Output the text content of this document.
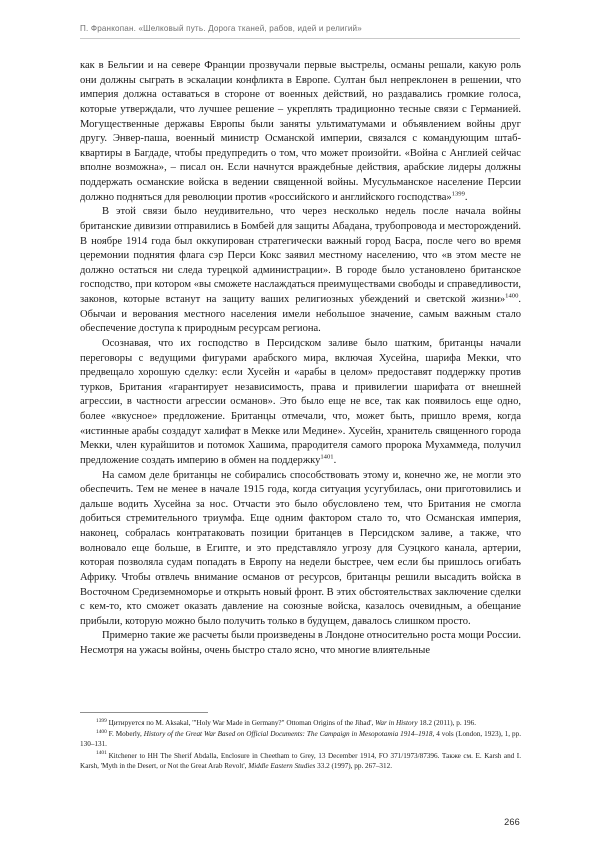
П. Франкопан. «Шелковый путь. Дорога тканей, рабов, идей и религий»

как в Бельгии и на севере Франции прозвучали первые выстрелы, османы решали, какую роль они должны сыграть в эскалации конфликта в Европе. Султан был непреклонен в решении, что империя должна оставаться в стороне от военных действий, но раздавались громкие голоса, которые утверждали, что лучшее решение – укреплять традиционно тесные связи с Германией. Могущественные державы Европы были заняты ультиматумами и объявлением войны друг другу. Энвер-паша, военный министр Османской империи, связался с командующим штаб-квартиры в Багдаде, чтобы предупредить о том, что может произойти. «Война с Англией сейчас вполне возможна», – писал он. Если начнутся враждебные действия, арабские лидеры должны поддержать османские войска в ведении священной войны. Мусульманское население Персии должно подняться для революции против «российского и английского господства»$^{1399}$.

В этой связи было неудивительно, что через несколько недель после начала войны британские дивизии отправились в Бомбей для защиты Абадана, трубопровода и месторождений. В ноябре 1914 года был оккупирован стратегически важный город Басра, после чего во время церемонии поднятия флага сэр Перси Кокс заявил местному населению, что «в этом месте не должно остаться ни следа турецкой администрации». В городе было установлено британское господство, при котором «вы сможете наслаждаться преимуществами свободы и справедливости, законов, которые встанут на защиту ваших религиозных убеждений и светской жизни»$^{1400}$. Обычаи и верования местного населения имели небольшое значение, самым важным стало обеспечение доступа к природным ресурсам региона.

Осознавая, что их господство в Персидском заливе было шатким, британцы начали переговоры с ведущими фигурами арабского мира, включая Хусейна, шарифа Мекки, что предвещало хорошую сделку: если Хусейн и «арабы в целом» предоставят поддержку против турков, Британия «гарантирует независимость, права и привилегии шарифата от внешней агрессии, в частности агрессии османов». Это было еще не все, так как появилось еще одно, более «вкусное» предложение. Британцы отмечали, что, может быть, пришло время, когда «истинные арабы создадут халифат в Мекке или Медине». Хусейн, хранитель священного города Мекки, член курайшитов и потомок Хашима, прародителя самого пророка Мухаммеда, получил предложение создать империю в обмен на поддержку$^{1401}$.

На самом деле британцы не собирались способствовать этому и, конечно же, не могли это обеспечить. Тем не менее в начале 1915 года, когда ситуация усугубилась, они приготовились и дальше водить Хусейна за нос. Отчасти это было обусловлено тем, что Британия не смогла добиться стремительного триумфа. Еще одним фактором стало то, что Османская империя, наконец, собралась контратаковать позиции британцев в Персидском заливе, а также, что волновало еще больше, в Египте, и это представляло угрозу для Суэцкого канала, артерии, которая позволяла судам попадать в Европу на недели быстрее, чем если бы пришлось огибать Африку. Чтобы отвлечь внимание османов от ресурсов, британцы решили высадить войска в Восточном Средиземноморье и открыть новый фронт. В этих обстоятельствах заключение сделки с кем-то, кто сможет оказать давление на союзные войска, казалось очевидным, а обещание прибыли, которую можно было получить только в будущем, давалось слишком просто.

Примерно такие же расчеты были произведены в Лондоне относительно роста мощи России. Несмотря на ужасы войны, очень быстро стало ясно, что многие влиятельные

$^{1399}$ Цитируется по M. Aksakal, '"Holy War Made in Germany?" Ottoman Origins of the Jihad', War in History 18.2 (2011), p. 196.

$^{1400}$ F. Moberly, History of the Great War Based on Official Documents: The Campaign in Mesopotamia 1914–1918, 4 vols (London, 1923), 1, pp. 130–131.

$^{1401}$ Kitchener to HH The Sherif Abdalla, Enclosure in Cheetham to Grey, 13 December 1914, FO 371/1973/87396. Также см. E. Karsh and I. Karsh, 'Myth in the Desert, or Not the Great Arab Revolt', Middle Eastern Studies 33.2 (1997), pp. 267–312.

266
